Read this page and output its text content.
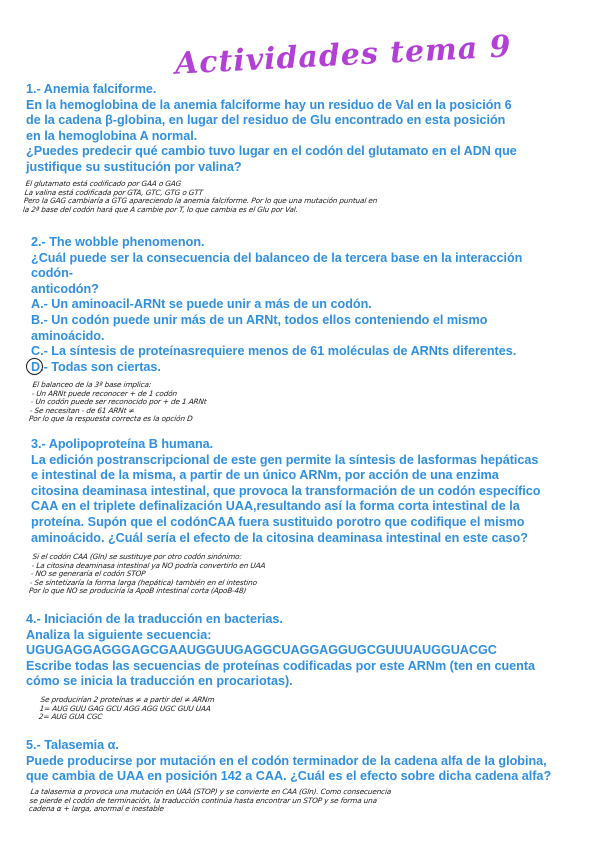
Actividades tema 9

1.- Anemia falciforme.

En la hemoglobina de la anemia falciforme hay un residuo de Val en la posición 6

de la cadena β-globina, en lugar del residuo de Glu encontrado en esta posición

en la hemoglobina A normal.

¿Puedes predecir qué cambio tuvo lugar en el codón del glutamato en el ADN que

justifique su sustitución por valina?

El glutamato está codificado por GAA o GAG

La valina está codificada por GTA, GTC, GTG o GTT

Pero la GAG cambiaría a GTG apareciendo la anemia falciforme. Por lo que una mutación puntual en

la 2ª base del codón hará que A cambie por T, lo que cambia es el Glu por Val.

2.- The wobble phenomenon.

¿Cuál puede ser la consecuencia del balanceo de la tercera base en la interacción

codón-

anticodón?

A.- Un aminoacil-ARNt se puede unir a más de un codón.

B.- Un codón puede unir más de un ARNt, todos ellos conteniendo el mismo

aminoácido.

C.- La síntesis de proteínasrequiere menos de 61 moléculas de ARNts diferentes.

D.- Todas son ciertas.

El balanceo de la 3ª base implica:

- Un ARNt puede reconocer + de 1 codón

- Un codón puede ser reconocido por + de 1 ARNt

- Se necesitan - de 61 ARNt ≠

Por lo que la respuesta correcta es la opción D

3.- Apolipoproteína B humana.

La edición postranscripcional de este gen permite la síntesis de lasformas hepáticas

e intestinal de la misma, a partir de un único ARNm, por acción de una enzima

citosina deaminasa intestinal, que provoca la transformación de un codón específico

CAA en el triplete definalización UAA,resultando así la forma corta intestinal de la

proteína. Supón que el codónCAA fuera sustituido porotro que codifique el mismo

aminoácido. ¿Cuál sería el efecto de la citosina deaminasa intestinal en este caso?

Si el codón CAA (Gln) se sustituye por otro codón sinónimo:

- La citosina deaminasa intestinal ya NO podría convertirlo en UAA

- NO se generaría el codón STOP

- Se sintetizaría la forma larga (hepática) también en el intestino

Por lo que NO se produciría la ApoB intestinal corta (ApoB-48)

4.- Iniciación de la traducción en bacterias.

Analiza la siguiente secuencia:

UGUGAGGAGGGAGCGAAUGGUUGAGGCUAGGAGGUGCGUUUAUGGUACGC

Escribe todas las secuencias de proteínas codificadas por este ARNm (ten en cuenta

cómo se inicia la traducción en procariotas).

Se producirían 2 proteínas ≠ a partir del ≠ ARNm

1= AUG GUU GAG GCU AGG AGG UGC GUU UAA

2= AUG GUA CGC

5.- Talasemia α.

Puede producirse por mutación en el codón terminador de la cadena alfa de la globina,

que cambia de UAA en posición 142 a CAA. ¿Cuál es el efecto sobre dicha cadena alfa?

La talasemia α provoca una mutación en UAA (STOP) y se convierte en CAA (Gln). Como consecuencia

se pierde el codón de terminación, la traducción continúa hasta encontrar un STOP y se forma una

cadena α + larga, anormal e inestable
